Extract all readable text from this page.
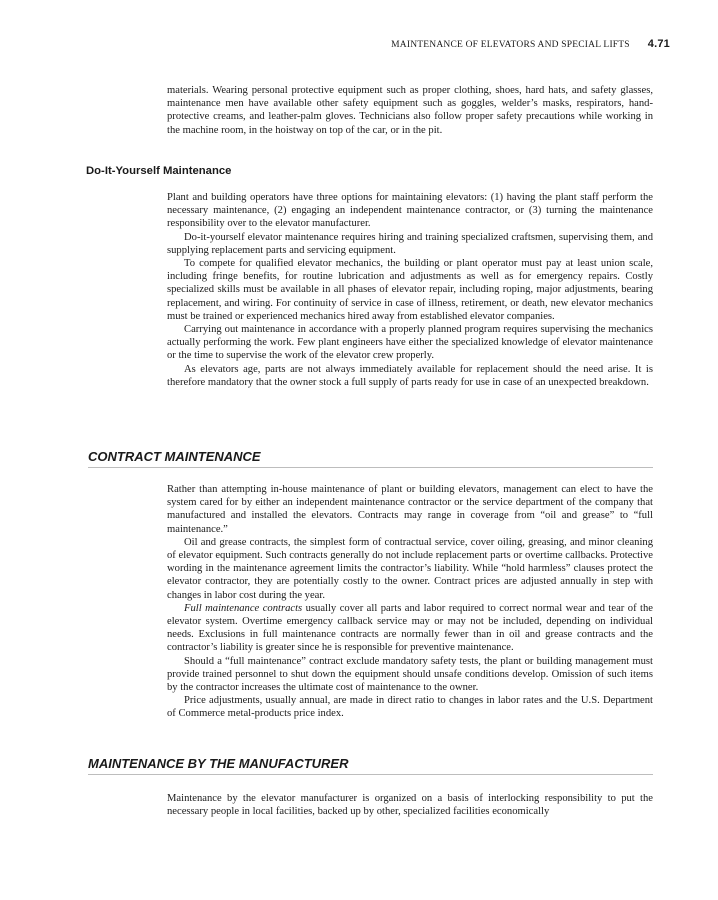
MAINTENANCE OF ELEVATORS AND SPECIAL LIFTS 4.71

materials. Wearing personal protective equipment such as proper clothing, shoes, hard hats, and safety glasses, maintenance men have available other safety equipment such as goggles, welder’s masks, respirators, hand-protective creams, and leather-palm gloves. Technicians also follow proper safety precautions while working in the machine room, in the hoistway on top of the car, or in the pit.

Do-It-Yourself Maintenance

Plant and building operators have three options for maintaining elevators: (1) having the plant staff perform the necessary maintenance, (2) engaging an independent maintenance contractor, or (3) turning the maintenance responsibility over to the elevator manufacturer.

Do-it-yourself elevator maintenance requires hiring and training specialized craftsmen, supervising them, and supplying replacement parts and servicing equipment.

To compete for qualified elevator mechanics, the building or plant operator must pay at least union scale, including fringe benefits, for routine lubrication and adjustments as well as for emergency repairs. Costly specialized skills must be available in all phases of elevator repair, including roping, major adjustments, bearing replacement, and wiring. For continuity of service in case of illness, retirement, or death, new elevator mechanics must be trained or experienced mechanics hired away from established elevator companies.

Carrying out maintenance in accordance with a properly planned program requires supervising the mechanics actually performing the work. Few plant engineers have either the specialized knowledge of elevator maintenance or the time to supervise the work of the elevator crew properly.

As elevators age, parts are not always immediately available for replacement should the need arise. It is therefore mandatory that the owner stock a full supply of parts ready for use in case of an unexpected breakdown.

CONTRACT MAINTENANCE

Rather than attempting in-house maintenance of plant or building elevators, management can elect to have the system cared for by either an independent maintenance contractor or the service department of the company that manufactured and installed the elevators. Contracts may range in coverage from “oil and grease” to “full maintenance.”

Oil and grease contracts, the simplest form of contractual service, cover oiling, greasing, and minor cleaning of elevator equipment. Such contracts generally do not include replacement parts or overtime callbacks. Protective wording in the maintenance agreement limits the contractor’s liability. While “hold harmless” clauses protect the elevator contractor, they are potentially costly to the owner. Contract prices are adjusted annually in step with changes in labor cost during the year.

Full maintenance contracts usually cover all parts and labor required to correct normal wear and tear of the elevator system. Overtime emergency callback service may or may not be included, depending on individual needs. Exclusions in full maintenance contracts are normally fewer than in oil and grease contracts and the contractor’s liability is greater since he is responsible for preventive maintenance.

Should a “full maintenance” contract exclude mandatory safety tests, the plant or building management must provide trained personnel to shut down the equipment should unsafe conditions develop. Omission of such items by the contractor increases the ultimate cost of maintenance to the owner.

Price adjustments, usually annual, are made in direct ratio to changes in labor rates and the U.S. Department of Commerce metal-products price index.

MAINTENANCE BY THE MANUFACTURER

Maintenance by the elevator manufacturer is organized on a basis of interlocking responsibility to put the necessary people in local facilities, backed up by other, specialized facilities economically
